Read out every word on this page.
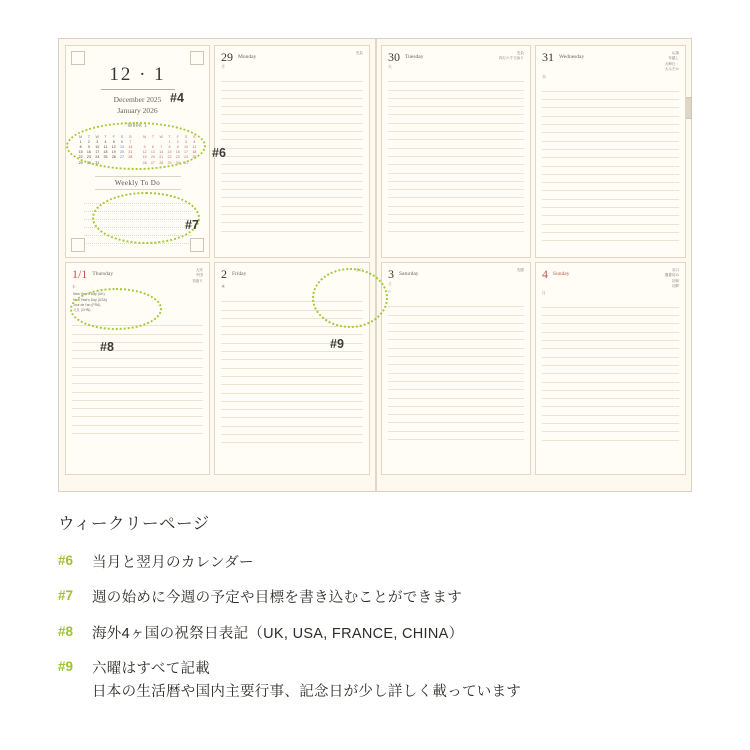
12 · 1
December 2025
January 2026
Week 1
M	T	W	T	F	S	S
1	2	3	4	5	6	7
8	9	10	11	12	13	14
15	16	17	18	19	20	21
22	23	24	25	26	27	28
29	30	31				
M	T	W	T	F	S	S
			1	2	3	4
5	6	7	8	9	10	11
12	13	14	15	16	17	18
19	20	21	22	23	24	25
26	27	28	29	30	31	
Weekly To Do
29 Monday
先負
月
1/1 Thursday
大安
中国
初詣り
木
New Year's Day (UK)
New Year's Day (USA)
Jour de l'an (FRA)
元旦 (CHN)
2 Friday
赤口
✳
30 Tuesday
先負
四万六千日参り
火
31 Wednesday
仏滅
年越し
大晦日・
大みそか
水
3 Saturday
先勝
土
○
4 Sunday
赤口
選書初め
初荷
初夢
日
#4
#6
#7
#8	#9
ウィークリーページ
#6	当月と翌月のカレンダー
#7	週の始めに今週の予定や目標を書き込むことができます
#8	海外4ヶ国の祝祭日表記（UK, USA, FRANCE, CHINA）
#9	六曜はすべて記載
日本の生活暦や国内主要行事、記念日が少し詳しく載っています
